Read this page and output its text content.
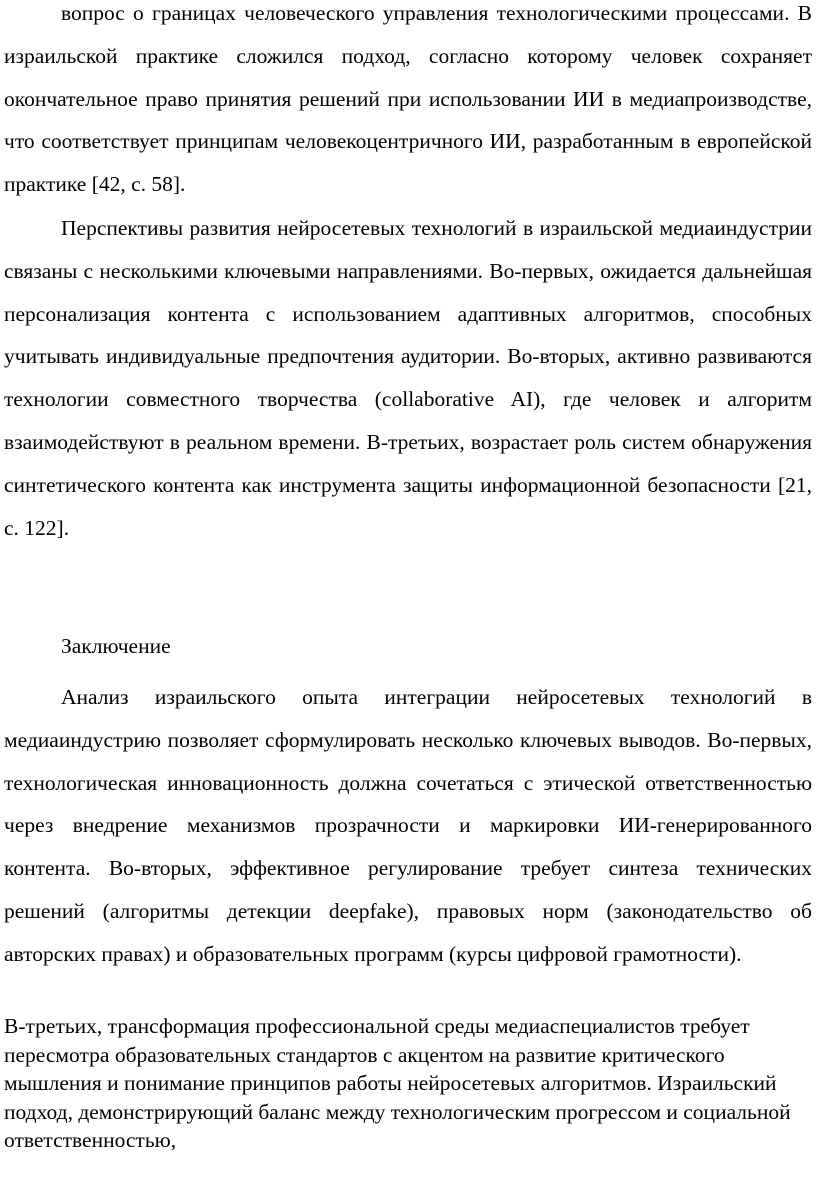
вопрос о границах человеческого управления технологическими процессами. В израильской практике сложился подход, согласно которому человек сохраняет окончательное право принятия решений при использовании ИИ в медиапроизводстве, что соответствует принципам человекоцентричного ИИ, разработанным в европейской практике [42, с. 58].

Перспективы развития нейросетевых технологий в израильской медиаиндустрии связаны с несколькими ключевыми направлениями. Во-первых, ожидается дальнейшая персонализация контента с использованием адаптивных алгоритмов, способных учитывать индивидуальные предпочтения аудитории. Во-вторых, активно развиваются технологии совместного творчества (collaborative AI), где человек и алгоритм взаимодействуют в реальном времени. В-третьих, возрастает роль систем обнаружения синтетического контента как инструмента защиты информационной безопасности [21, с. 122].

Заключение

Анализ израильского опыта интеграции нейросетевых технологий в медиаиндустрию позволяет сформулировать несколько ключевых выводов. Во-первых, технологическая инновационность должна сочетаться с этической ответственностью через внедрение механизмов прозрачности и маркировки ИИ-генерированного контента. Во-вторых, эффективное регулирование требует синтеза технических решений (алгоритмы детекции deepfake), правовых норм (законодательство об авторских правах) и образовательных программ (курсы цифровой грамотности).

В-третьих, трансформация профессиональной среды медиаспециалистов требует пересмотра образовательных стандартов с акцентом на развитие критического мышления и понимание принципов работы нейросетевых алгоритмов. Израильский подход, демонстрирующий баланс между технологическим прогрессом и социальной ответственностью,
